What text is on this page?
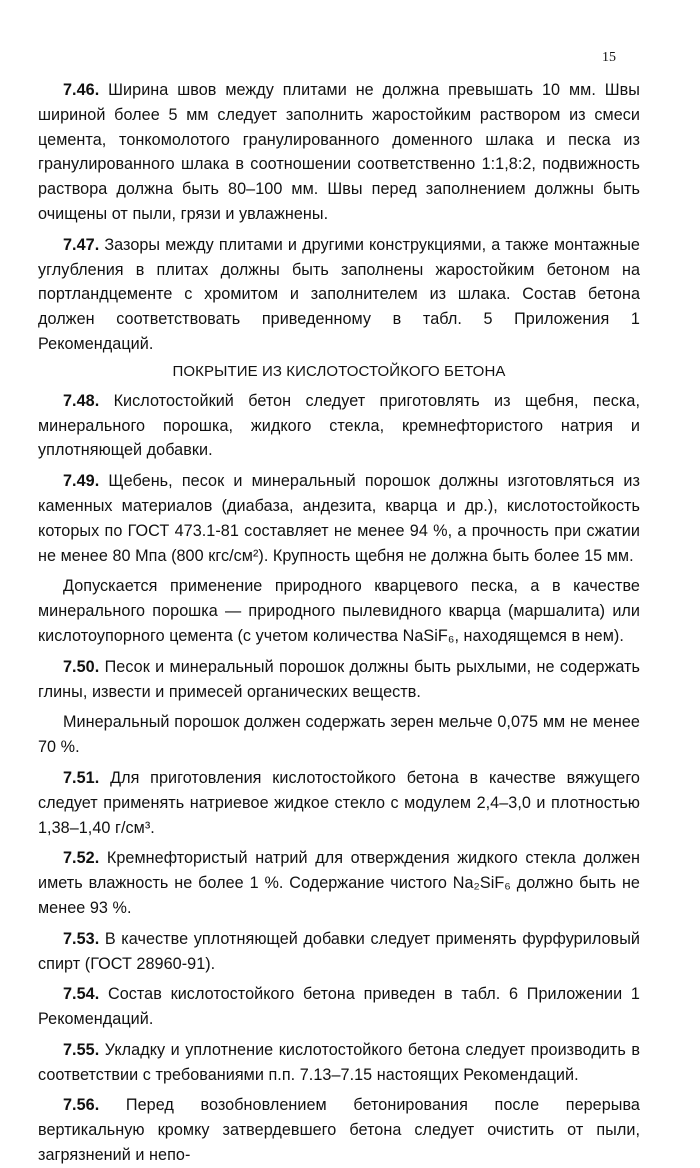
15

7.46. Ширина швов между плитами не должна превышать 10 мм. Швы шириной более 5 мм следует заполнить жаростойким раствором из смеси цемента, тонкомолотого гранулированного доменного шлака и песка из гранулированного шлака в соотношении соответственно 1:1,8:2, подвижность раствора должна быть 80–100 мм. Швы перед заполнением должны быть очищены от пыли, грязи и увлажнены.

7.47. Зазоры между плитами и другими конструкциями, а также монтажные углубления в плитах должны быть заполнены жаростойким бетоном на портландцементе с хромитом и заполнителем из шлака. Состав бетона должен соответствовать приведенному в табл. 5 Приложения 1 Рекомендаций.

ПОКРЫТИЕ ИЗ КИСЛОТОСТОЙКОГО БЕТОНА

7.48. Кислотостойкий бетон следует приготовлять из щебня, песка, минерального порошка, жидкого стекла, кремнефтористого натрия и уплотняющей добавки.

7.49. Щебень, песок и минеральный порошок должны изготовляться из каменных материалов (диабаза, андезита, кварца и др.), кислотостойкость которых по ГОСТ 473.1-81 составляет не менее 94 %, а прочность при сжатии не менее 80 Мпа (800 кгс/см²). Крупность щебня не должна быть более 15 мм.

Допускается применение природного кварцевого песка, а в качестве минерального порошка — природного пылевидного кварца (маршалита) или кислотоупорного цемента (с учетом количества NaSiF₆, находящемся в нем).

7.50. Песок и минеральный порошок должны быть рыхлыми, не содержать глины, извести и примесей органических веществ.

Минеральный порошок должен содержать зерен мельче 0,075 мм не менее 70 %.

7.51. Для приготовления кислотостойкого бетона в качестве вяжущего следует применять натриевое жидкое стекло с модулем 2,4–3,0 и плотностью 1,38–1,40 г/см³.

7.52. Кремнефтористый натрий для отверждения жидкого стекла должен иметь влажность не более 1 %. Содержание чистого Na₂SiF₆ должно быть не менее 93 %.

7.53. В качестве уплотняющей добавки следует применять фурфуриловый спирт (ГОСТ 28960-91).

7.54. Состав кислотостойкого бетона приведен в табл. 6 Приложении 1 Рекомендаций.

7.55. Укладку и уплотнение кислотостойкого бетона следует производить в соответствии с требованиями п.п. 7.13–7.15 настоящих Рекомендаций.

7.56. Перед возобновлением бетонирования после перерыва вертикальную кромку затвердевшего бетона следует очистить от пыли, загрязнений и непо-
